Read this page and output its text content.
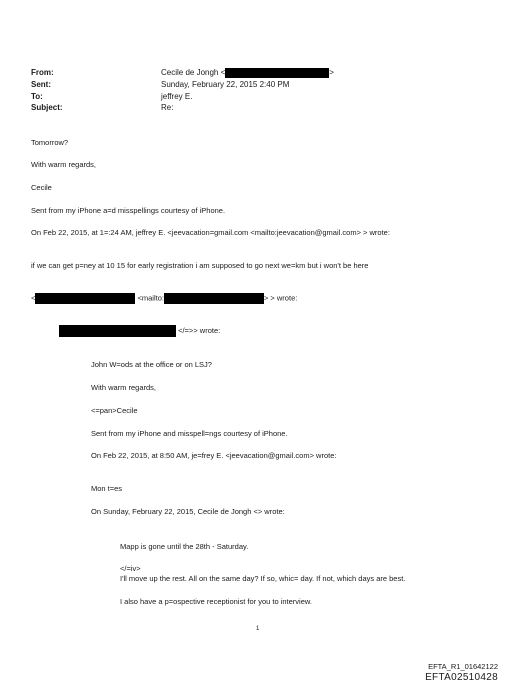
From:	Cecile de Jongh <	>
Sent:	Sunday, February 22, 2015 2:40 PM
To:	jeffrey E.
Subject:	Re:
Tomorrow?
With warm regards,
Cecile
Sent from my iPhone a=d misspellings courtesy of iPhone.
On Feb 22, 2015, at 1=:24 AM, jeffrey E. <jeevacation=gmail.com <mailto:jeevacation@gmail.com> > wrote:
if we can get p=ney at 10 15 for early registration i am supposed to go next we=km but i won't be here
<	<mailto:	> > wrote:
</=>> wrote:
John W=ods at the office or on LSJ?
With warm regards,
<=pan>Cecile
Sent from my iPhone and misspell=ngs courtesy of iPhone.
On Feb 22, 2015, at 8:50 AM, je=frey E. <jeevacation@gmail.com> wrote:
Mon t=es
On Sunday, February 22, 2015, Cecile de Jongh <> wrote:
Mapp is gone until the 28th - Saturday.
</=iv>
I'll move up the rest. All on the same day? If so, whic= day. If not, which days are best.
I also have a p=ospective receptionist for you to interview.
1
EFTA_R1_01642122
EFTA02510428
